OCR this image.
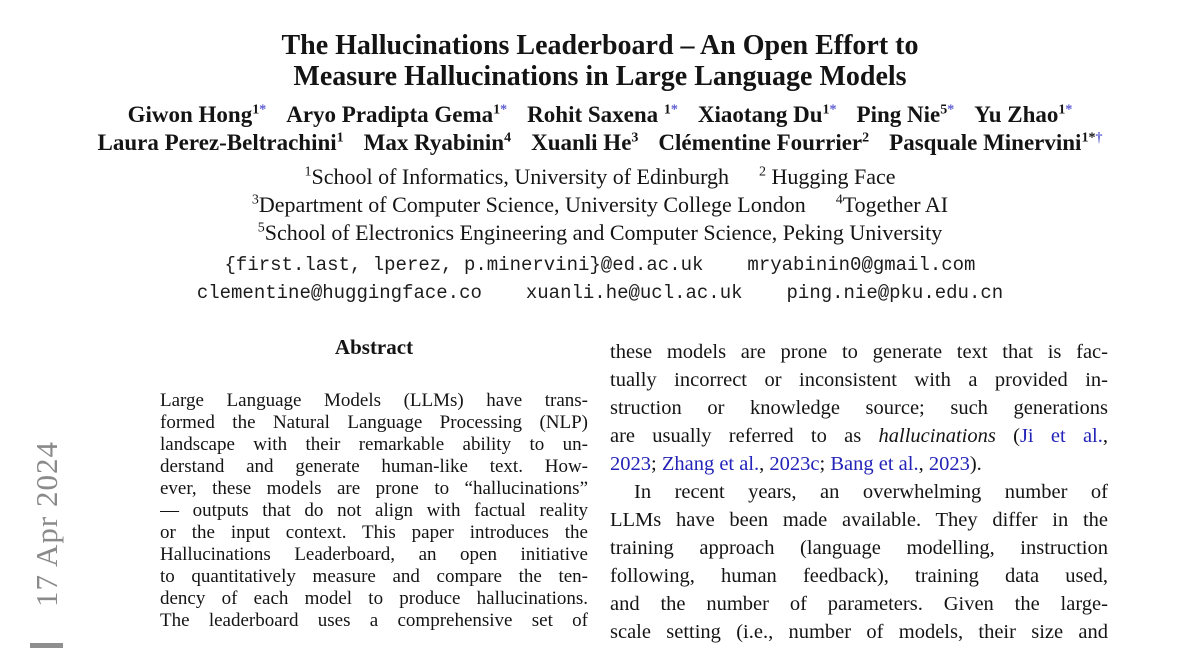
17 Apr 2024
The Hallucinations Leaderboard – An Open Effort to
Measure Hallucinations in Large Language Models
Giwon Hong$^{1*}$ Aryo Pradipta Gema$^{1*}$ Rohit Saxena $^{1*}$ Xiaotang $Du^{1*}$ Ping Nie$^{5*}$ Yu Zhao$^{1*}$
Laura Perez-Beltrachini$^1$ Max Ryabinin$^4$ Xuanli He$^3$ Clémentine Fourrier$^2$ Pasquale Minervini$^{1*\dagger}$
$^1$School of Informatics, University of Edinburgh $^2$ Hugging Face
$^3$Department of Computer Science, University College London $^4$Together AI
$^5$School of Electronics Engineering and Computer Science, Peking University
{first.last, lperez, p.minervini}@ed.ac.uk mryabinin0@gmail.com
clementine@huggingface.co xuanli.he@ucl.ac.uk ping.nie@pku.edu.cn
Abstract
Large Language Models (LLMs) have trans-
formed the Natural Language Processing (NLP)
landscape with their remarkable ability to un-
derstand and generate human-like text. How-
ever, these models are prone to “hallucinations”
— outputs that do not align with factual reality
or the input context. This paper introduces the
Hallucinations Leaderboard, an open initiative
to quantitatively measure and compare the ten-
dency of each model to produce hallucinations.
The leaderboard uses a comprehensive set of
these models are prone to generate text that is fac-
tually incorrect or inconsistent with a provided in-
struction or knowledge source; such generations
are usually referred to as hallucinations (Ji et al.,
2023; Zhang et al., 2023c; Bang et al., 2023).
In recent years, an overwhelming number of
LLMs have been made available. They differ in the
training approach (language modelling, instruction
following, human feedback), training data used,
and the number of parameters. Given the large-
scale setting (i.e., number of models, their size and
